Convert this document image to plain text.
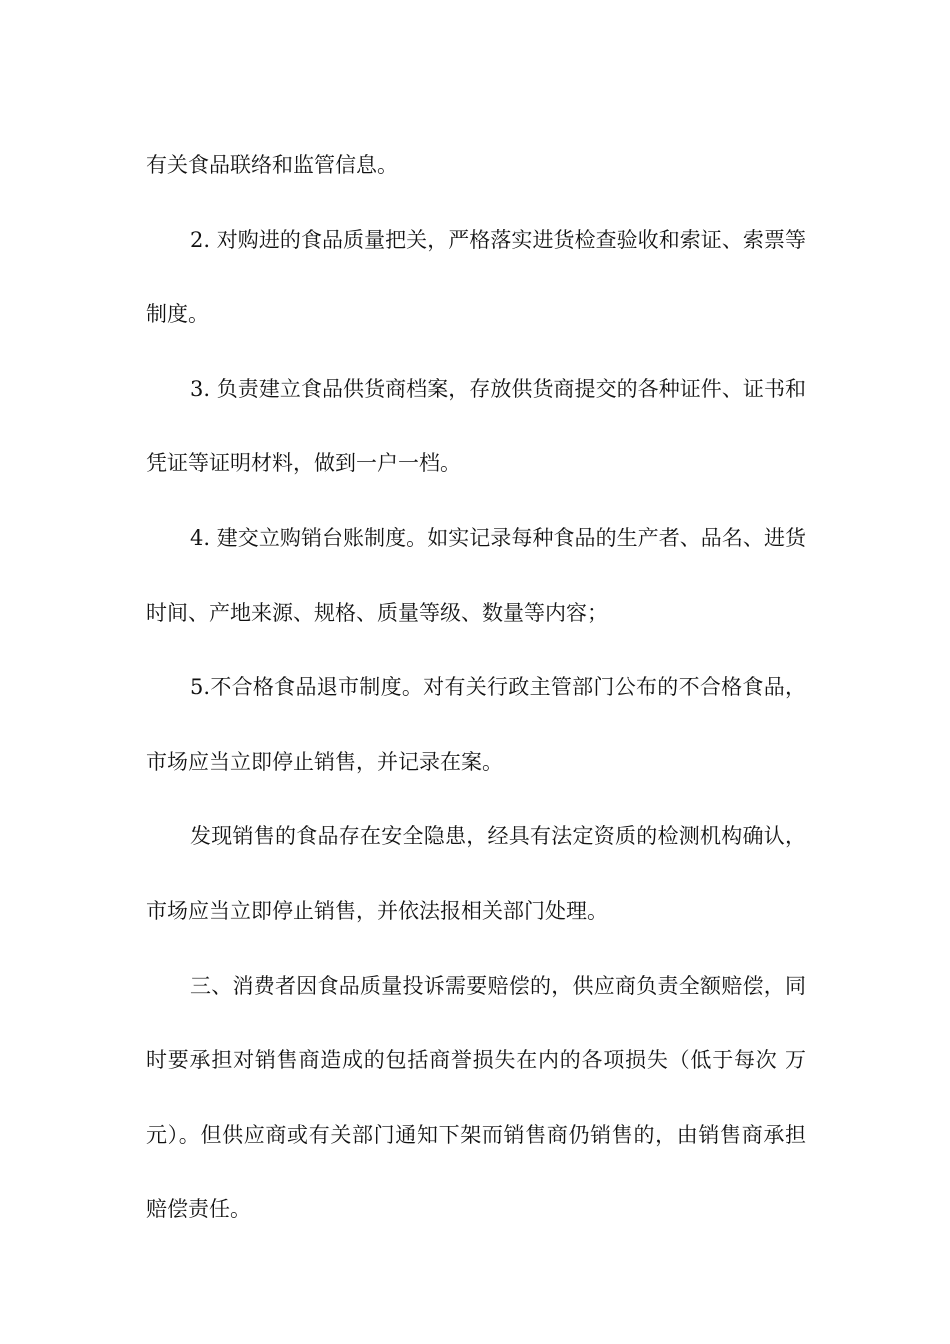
有关食品联络和监管信息。

2. 对购进的食品质量把关，严格落实进货检查验收和索证、索票等制度。

3. 负责建立食品供货商档案，存放供货商提交的各种证件、证书和凭证等证明材料，做到一户一档。

4. 建交立购销台账制度。如实记录每种食品的生产者、品名、进货时间、产地来源、规格、质量等级、数量等内容；

5.不合格食品退市制度。对有关行政主管部门公布的不合格食品，市场应当立即停止销售，并记录在案。

发现销售的食品存在安全隐患，经具有法定资质的检测机构确认，市场应当立即停止销售，并依法报相关部门处理。

三、消费者因食品质量投诉需要赔偿的，供应商负责全额赔偿，同时要承担对销售商造成的包括商誉损失在内的各项损失（低于每次 万元）。但供应商或有关部门通知下架而销售商仍销售的，由销售商承担赔偿责任。
